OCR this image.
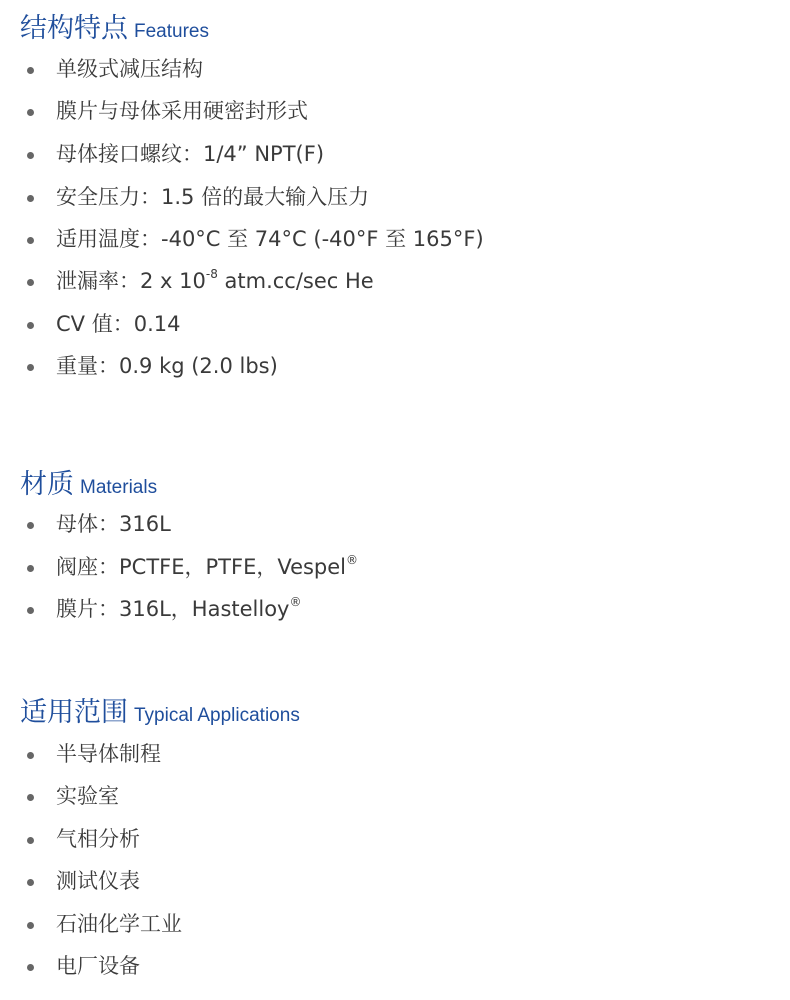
结构特点 Features
单级式减压结构
膜片与母体采用硬密封形式
母体接口螺纹：1/4” NPT(F)
安全压力：1.5 倍的最大输入压力
适用温度：-40°C 至 74°C (-40°F 至 165°F)
泄漏率：2 x $10^{-8}$ atm.cc/sec He
CV 值：0.14
重量：0.9 kg (2.0 lbs)
材质 Materials
母体：316L
阀座：PCTFE，PTFE，Vespel®
膜片：316L，Hastelloy®
适用范围 Typical Applications
半导体制程
实验室
气相分析
测试仪表
石油化学工业
电厂设备
